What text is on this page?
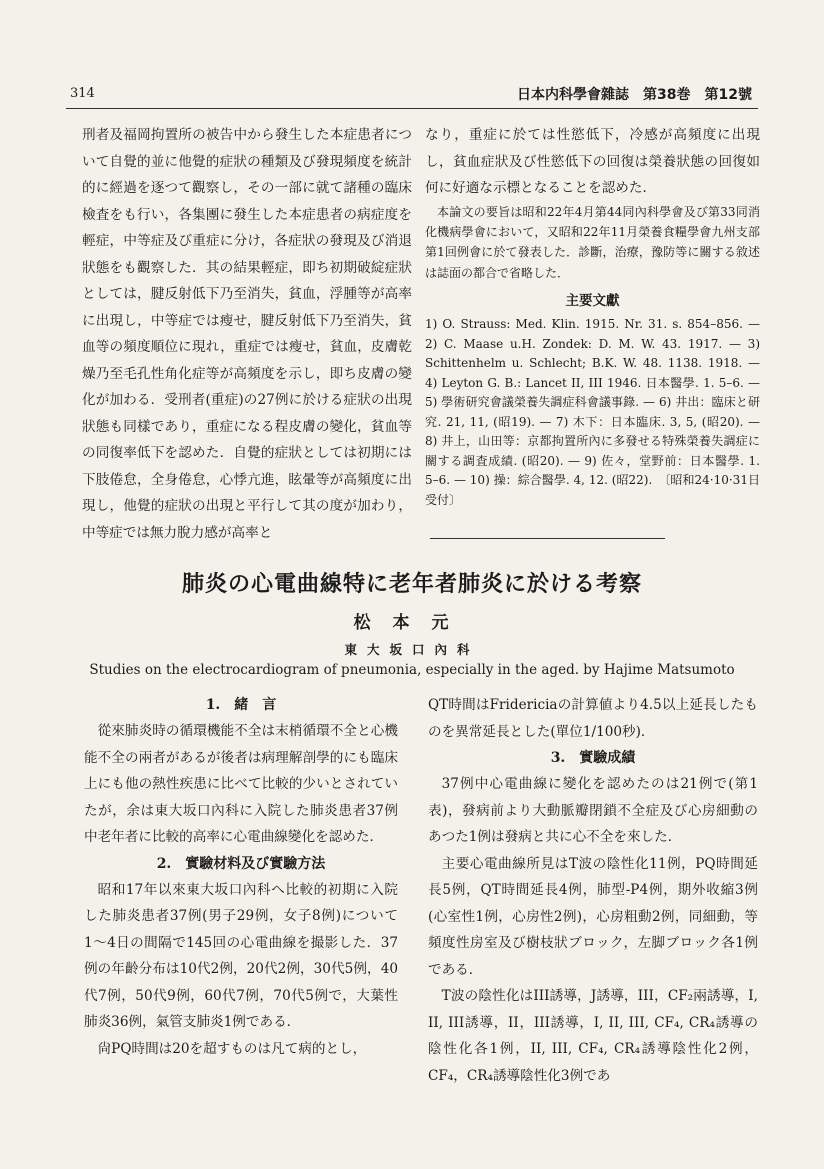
314	日本内科學會雜誌　第38巻　第12號

刑者及福岡拘置所の被告中から發生した本症患者について自覺的並に他覺的症狀の種類及び發現頻度を統計的に經過を逐つて觀察し，その一部に就て諸種の臨床檢査をも行い，各集團に發生した本症患者の病症度を輕症，中等症及び重症に分け，各症狀の發現及び消退狀態をも觀察した．其の結果輕症，即ち初期破綻症狀としては，腱反射低下乃至消失，貧血，浮腫等が高率に出現し，中等症では瘦せ，腱反射低下乃至消失，貧血等の頻度順位に現れ，重症では瘦せ，貧血，皮膚乾燥乃至毛孔性角化症等が高頻度を示し，即ち皮膚の變化が加わる．受刑者(重症)の27例に於ける症狀の出現狀態も同樣であり，重症になる程皮膚の變化，貧血等の同復率低下を認めた．自覺的症狀としては初期には下肢倦怠，全身倦怠，心悸亢進，眩暈等が高頻度に出現し，他覺的症狀の出現と平行して其の度が加わり，中等症では無力脫力感が高率と

なり，重症に於ては性慾低下，冷感が高頻度に出現し，貧血症狀及び性慾低下の回復は榮養狀態の回復如何に好適な示標となることを認めた．

本論文の要旨は昭和22年4月第44同內科學會及び第33同消化機病學會において，又昭和22年11月榮養食糧學會九州支部第1回例會に於て發表した．診斷，治療，豫防等に關する敘述は誌面の都合で省略した．

主要文獻

1) O. Strauss: Med. Klin. 1915. Nr. 31. s. 854–856. — 2) C. Maase u.H. Zondek: D. M. W. 43. 1917. — 3) Schittenhelm u. Schlecht; B.K. W. 48. 1138. 1918. — 4) Leyton G. B.: Lancet II, III 1946. 日本醫學. 1. 5–6. — 5) 學術研究會議榮養失調症科會議事錄. — 6) 井出：臨床と研究. 21, 11, (昭19). — 7) 木下：日本臨床. 3, 5, (昭20). — 8) 井上，山田等：京都拘置所內に多發せる特殊榮養失調症に關する調査成績. (昭20). — 9) 佐々，堂野前：日本醫學. 1. 5–6. — 10) 操：綜合醫學. 4, 12. (昭22).　〔昭和24·10·31日受付〕

肺炎の心電曲線特に老年者肺炎に於ける考察
松本元
東大坂口內科
Studies on the electrocardiogram of pneumonia, especially in the aged. by Hajime Matsumoto
1.　緒　言

從來肺炎時の循環機能不全は末梢循環不全と心機能不全の兩者があるが後者は病理解剖學的にも臨床上にも他の熱性疾患に比べて比較的少いとされていたが，余は東大坂口內科に入院した肺炎患者37例中老年者に比較的高率に心電曲線變化を認めた．

2.　實驗材料及び實驗方法

昭和17年以來東大坂口內科へ比較的初期に入院した肺炎患者37例(男子29例，女子8例)について1〜4日の間隔で145回の心電曲線を撮影した．37例の年齡分布は10代2例，20代2例，30代5例，40代7例，50代9例，60代7例，70代5例で，大葉性肺炎36例，氣管支肺炎1例である．

尙PQ時間は20を超すものは凡て病的とし，

QT時間はFridericiaの計算値より4.5以上延長したものを異常延長とした(單位1/100秒)．

3.　實驗成績

37例中心電曲線に變化を認めたのは21例で(第1表)，發病前より大動脈瓣閉鎖不全症及び心房細動のあつた1例は發病と共に心不全を來した．

主要心電曲線所見はT波の陰性化11例，PQ時間延長5例，QT時間延長4例，肺型-P4例，期外收縮3例(心室性1例，心房性2例)，心房粗動2例，同細動，等頻度性房室及び樹枝狀ブロック，左脚ブロック各1例である．

T波の陰性化はIII誘導，J誘導，III，CF₂兩誘導，I, II, III誘導，II，III誘導，I, II, III, CF₄, CR₄誘導の陰性化各1例，II, III, CF₄, CR₄誘導陰性化2例，CF₄，CR₄誘導陰性化3例であ
